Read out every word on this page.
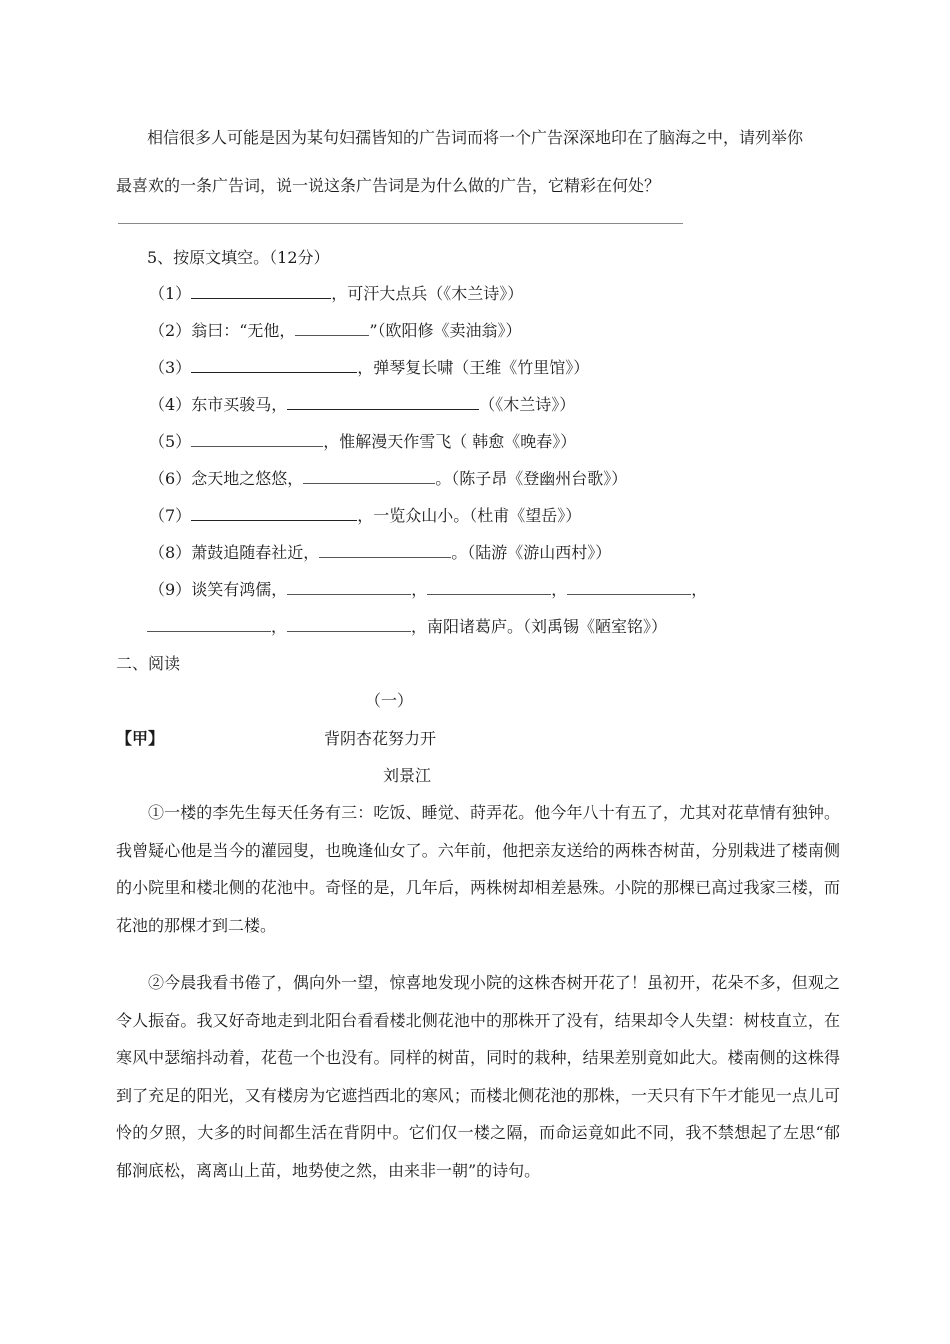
相信很多人可能是因为某句妇孺皆知的广告词而将一个广告深深地印在了脑海之中，请列举你
最喜欢的一条广告词，说一说这条广告词是为什么做的广告，它精彩在何处？
5、按原文填空。（12分）
（1）	，可汗大点兵（《木兰诗》）
（2）翁曰：“无他，	”（欧阳修《卖油翁》）
（3）	，弹琴复长啸（王维《竹里馆》）
（4）东市买骏马，	（《木兰诗》）
（5）	，惟解漫天作雪飞（ 韩愈《晚春》）
（6）念天地之悠悠，	。（陈子昂《登幽州台歌》）
（7）	，一览众山小。（杜甫《望岳》）
（8）萧鼓追随春社近，	。（陆游《游山西村》）
（9）谈笑有鸿儒，	，	，	，
，	，南阳诸葛庐。（刘禹锡《陋室铭》）
二、阅读
（一）
【甲】	背阴杏花努力开
刘景江
①一楼的李先生每天任务有三：吃饭、睡觉、莳弄花。他今年八十有五了，尤其对花草情有独钟。我曾疑心他是当今的灌园叟，也晚逢仙女了。六年前，他把亲友送给的两株杏树苗，分别栽进了楼南侧的小院里和楼北侧的花池中。奇怪的是，几年后，两株树却相差悬殊。小院的那棵已高过我家三楼，而花池的那棵才到二楼。
②今晨我看书倦了，偶向外一望，惊喜地发现小院的这株杏树开花了！虽初开，花朵不多，但观之令人振奋。我又好奇地走到北阳台看看楼北侧花池中的那株开了没有，结果却令人失望：树枝直立，在寒风中瑟缩抖动着，花苞一个也没有。同样的树苗，同时的栽种，结果差别竟如此大。楼南侧的这株得到了充足的阳光，又有楼房为它遮挡西北的寒风；而楼北侧花池的那株，一天只有下午才能见一点儿可怜的夕照，大多的时间都生活在背阴中。它们仅一楼之隔，而命运竟如此不同，我不禁想起了左思“郁郁涧底松，离离山上苗，地势使之然，由来非一朝”的诗句。
